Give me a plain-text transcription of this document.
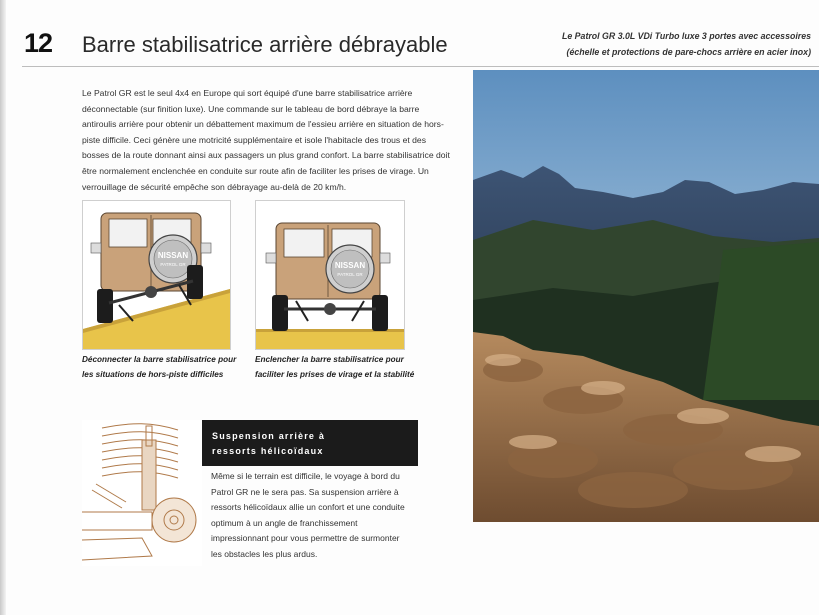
12 Barre stabilisatrice arrière débrayable	Le Patrol GR 3.0L VDi Turbo luxe 3 portes avec accessoires
(échelle et protections de pare-chocs arrière en acier inox)
Le Patrol GR est le seul 4x4 en Europe qui sort équipé d'une barre stabilisatrice arrière déconnectable (sur finition luxe). Une commande sur le tableau de bord débraye la barre antiroulis arrière pour obtenir un débattement maximum de l'essieu arrière en situation de hors-piste difficile. Ceci génère une motricité supplémentaire et isole l'habitacle des trous et des bosses de la route donnant ainsi aux passagers un plus grand confort. La barre stabilisatrice doit être normalement enclenchée en conduite sur route afin de faciliter les prises de virage. Un verrouillage de sécurité empêche son débrayage au-delà de 20 km/h.
NISSAN
PATROL GR
Déconnecter la barre stabilisatrice pour les situations de hors-piste difficiles
NISSAN
PATROL GR
Enclencher la barre stabilisatrice pour faciliter les prises de virage et la stabilité
Suspension arrière à
ressorts hélicoïdaux
Même si le terrain est difficile, le voyage à bord du Patrol GR ne le sera pas. Sa suspension arrière à ressorts hélicoïdaux allie un confort et une conduite optimum à un angle de franchissement impressionnant pour vous permettre de surmonter les obstacles les plus ardus.
